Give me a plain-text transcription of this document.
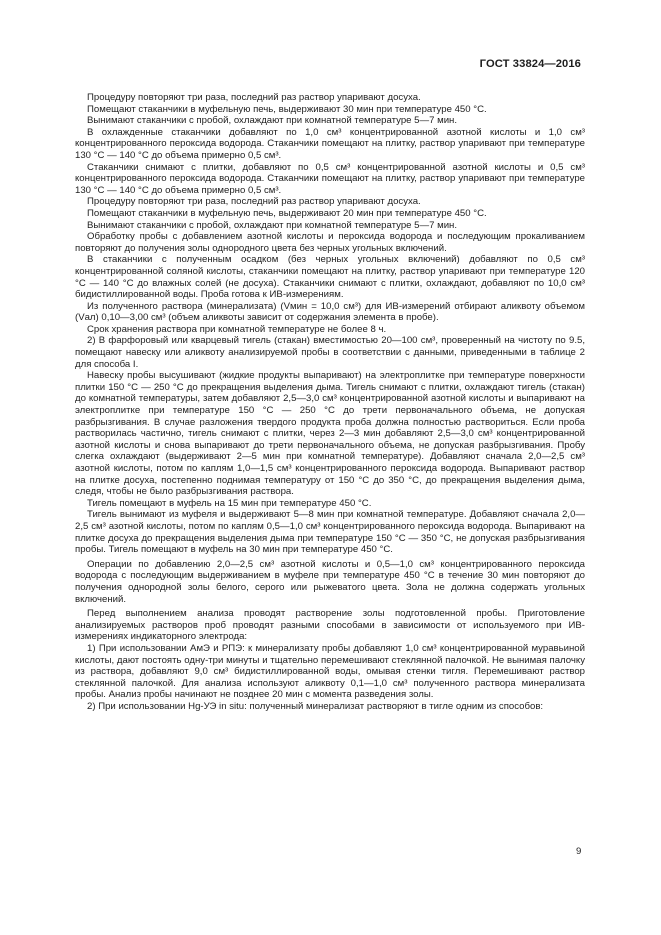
ГОСТ 33824—2016

Процедуру повторяют три раза, последний раз раствор упаривают досуха.

Помещают стаканчики в муфельную печь, выдерживают 30 мин при температуре 450 °С.

Вынимают стаканчики с пробой, охлаждают при комнатной температуре 5—7 мин.

В охлажденные стаканчики добавляют по 1,0 см³ концентрированной азотной кислоты и 1,0 см³ концентрированного пероксида водорода. Стаканчики помещают на плитку, раствор упаривают при температуре 130 °С — 140 °С до объема примерно 0,5 см³.

Стаканчики снимают с плитки, добавляют по 0,5 см³ концентрированной азотной кислоты и 0,5 см³ концентрированного пероксида водорода. Стаканчики помещают на плитку, раствор упаривают при температуре 130 °С — 140 °С до объема примерно 0,5 см³.

Процедуру повторяют три раза, последний раз раствор упаривают досуха.

Помещают стаканчики в муфельную печь, выдерживают 20 мин при температуре 450 °С.

Вынимают стаканчики с пробой, охлаждают при комнатной температуре 5—7 мин.

Обработку пробы с добавлением азотной кислоты и пероксида водорода и последующим прокаливанием повторяют до получения золы однородного цвета без черных угольных включений.

В стаканчики с полученным осадком (без черных угольных включений) добавляют по 0,5 см³ концентрированной соляной кислоты, стаканчики помещают на плитку, раствор упаривают при температуре 120 °С — 140 °С до влажных солей (не досуха). Стаканчики снимают с плитки, охлаждают, добавляют по 10,0 см³ бидистиллированной воды. Проба готова к ИВ-измерениям.

Из полученного раствора (минерализата) (Vмин = 10,0 см³) для ИВ-измерений отбирают аликвоту объемом (Vал) 0,10—3,00 см³ (объем аликвоты зависит от содержания элемента в пробе).

Срок хранения раствора при комнатной температуре не более 8 ч.

2) В фарфоровый или кварцевый тигель (стакан) вместимостью 20—100 см³, проверенный на чистоту по 9.5, помещают навеску или аликвоту анализируемой пробы в соответствии с данными, приведенными в таблице 2 для способа I.

Навеску пробы высушивают (жидкие продукты выпаривают) на электроплитке при температуре поверхности плитки 150 °С — 250 °С до прекращения выделения дыма. Тигель снимают с плитки, охлаждают тигель (стакан) до комнатной температуры, затем добавляют 2,5—3,0 см³ концентрированной азотной кислоты и выпаривают на электроплитке при температуре 150 °С — 250 °С до трети первоначального объема, не допуская разбрызгивания. В случае разложения твердого продукта проба должна полностью раствориться. Если проба растворилась частично, тигель снимают с плитки, через 2—3 мин добавляют 2,5—3,0 см³ концентрированной азотной кислоты и снова выпаривают до трети первоначального объема, не допуская разбрызгивания. Пробу слегка охлаждают (выдерживают 2—5 мин при комнатной температуре). Добавляют сначала 2,0—2,5 см³ азотной кислоты, потом по каплям 1,0—1,5 см³ концентрированного пероксида водорода. Выпаривают раствор на плитке досуха, постепенно поднимая температуру от 150 °С до 350 °С, до прекращения выделения дыма, следя, чтобы не было разбрызгивания раствора.

Тигель помещают в муфель на 15 мин при температуре 450 °С.

Тигель вынимают из муфеля и выдерживают 5—8 мин при комнатной температуре. Добавляют сначала 2,0—2,5 см³ азотной кислоты, потом по каплям 0,5—1,0 см³ концентрированного пероксида водорода. Выпаривают на плитке досуха до прекращения выделения дыма при температуре 150 °С — 350 °С, не допуская разбрызгивания пробы. Тигель помещают в муфель на 30 мин при температуре 450 °С.

Операции по добавлению 2,0—2,5 см³ азотной кислоты и 0,5—1,0 см³ концентрированного пероксида водорода с последующим выдерживанием в муфеле при температуре 450 °С в течение 30 мин повторяют до получения однородной золы белого, серого или рыжеватого цвета. Зола не должна содержать угольных включений.

Перед выполнением анализа проводят растворение золы подготовленной пробы. Приготовление анализируемых растворов проб проводят разными способами в зависимости от используемого при ИВ-измерениях индикаторного электрода:

1) При использовании АмЭ и РПЭ: к минерализату пробы добавляют 1,0 см³ концентрированной муравьиной кислоты, дают постоять одну-три минуты и тщательно перемешивают стеклянной палочкой. Не вынимая палочку из раствора, добавляют 9,0 см³ бидистиллированной воды, омывая стенки тигля. Перемешивают раствор стеклянной палочкой. Для анализа используют аликвоту 0,1—1,0 см³ полученного раствора минерализата пробы. Анализ пробы начинают не позднее 20 мин с момента разведения золы.

2) При использовании Hg-УЭ in situ: полученный минерализат растворяют в тигле одним из способов:

9
